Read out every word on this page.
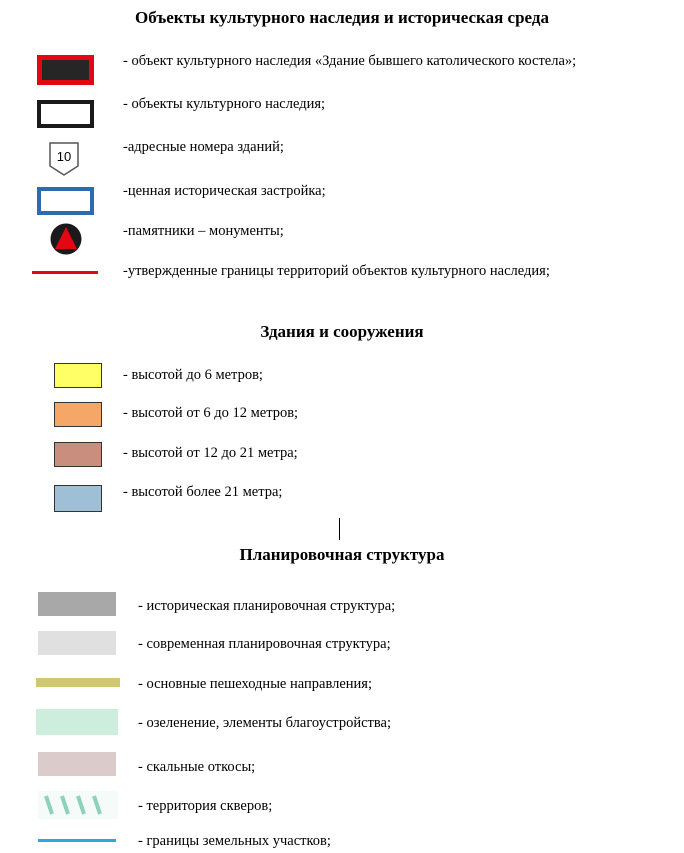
Объекты культурного наследия и историческая среда
- объект культурного наследия «Здание бывшего католического костела»;
- объекты культурного наследия;
10
-адресные номера зданий;
-ценная историческая застройка;
-памятники – монументы;
-утвержденные границы территорий объектов культурного наследия;
Здания и сооружения
- высотой до 6 метров;
- высотой от 6 до 12 метров;
- высотой от 12 до 21 метра;
- высотой более 21 метра;
Планировочная структура
- историческая планировочная структура;
- современная планировочная структура;
- основные пешеходные направления;
- озеленение, элементы благоустройства;
- скальные откосы;
- территория скверов;
- границы земельных участков;
